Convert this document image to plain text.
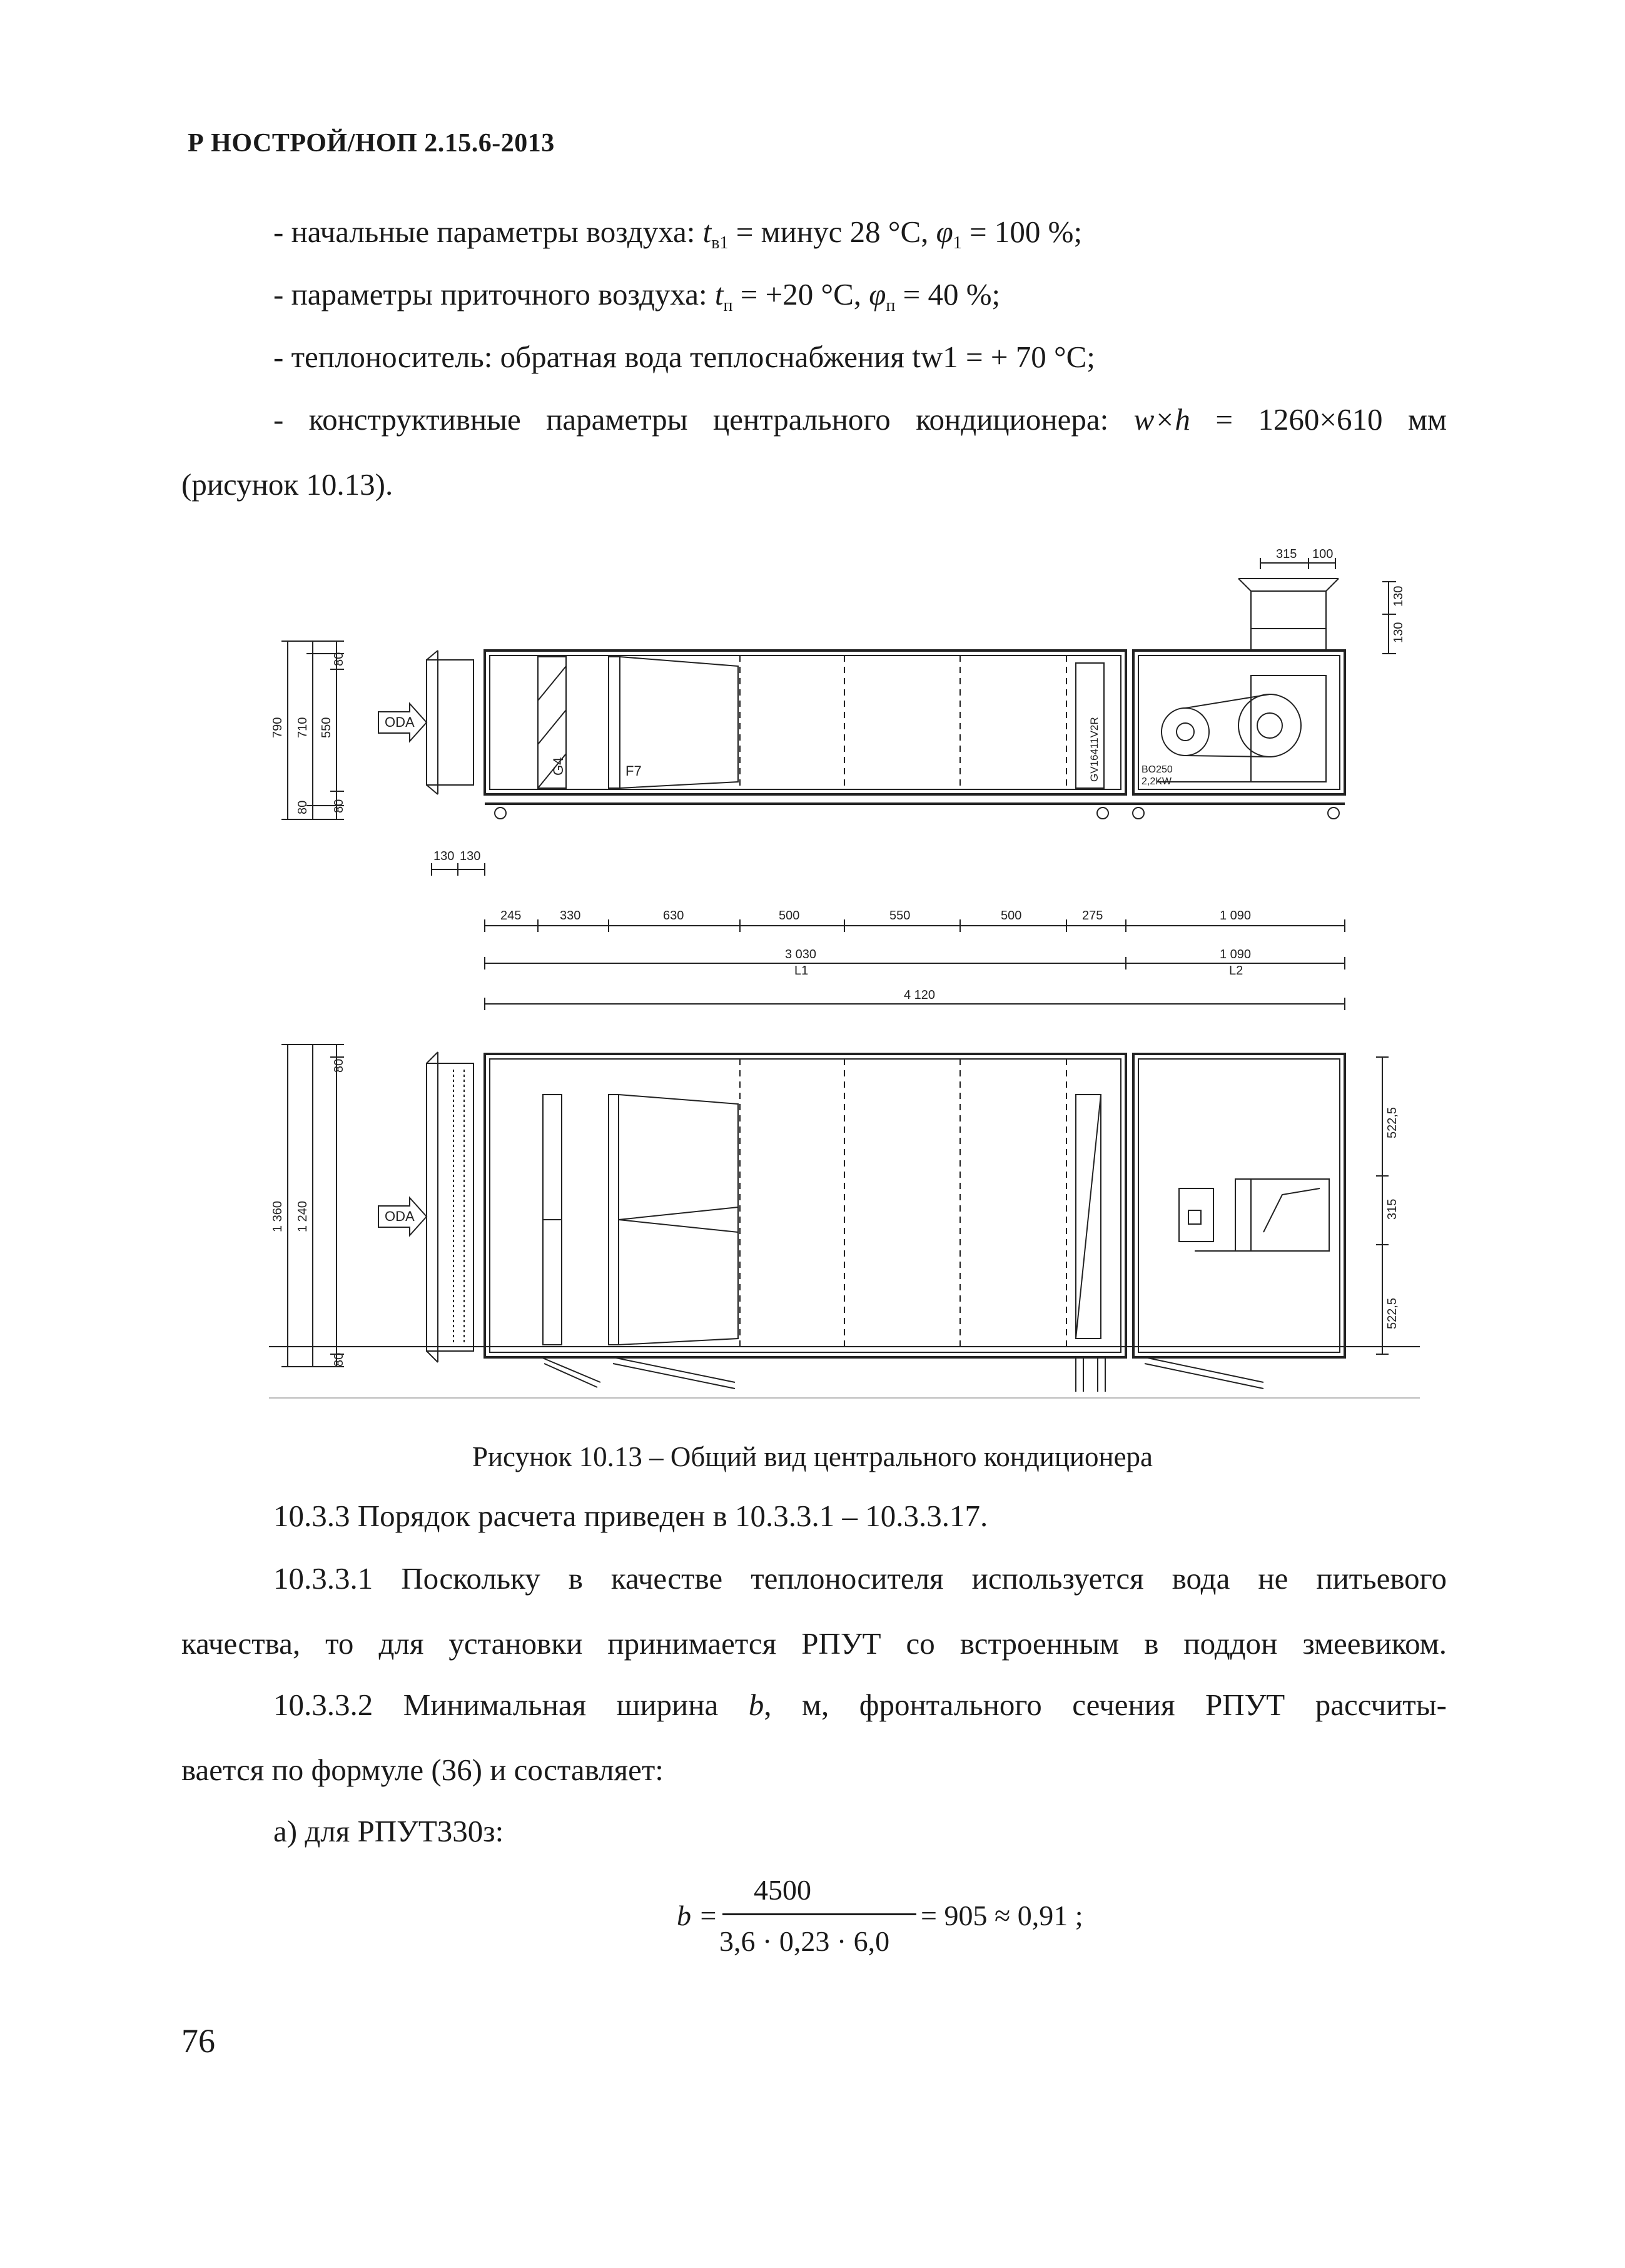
Р НОСТРОЙ/НОП 2.15.6-2013
- начальные параметры воздуха: $t_{в1}$ = минус 28 °С, $\varphi_1 = 100$ %;
- параметры приточного воздуха: $t_п = +20$ °С, $\varphi_п = 40$ %;
- теплоноситель: обратная вода теплоснабжения tw1 = + 70 °С;
- конструктивные параметры центрального кондиционера: w×h = 1260×610 мм
(рисунок 10.13).
315 100
130
130
790 710 550
80
80
80
ODA
G4	F7	GV16411V2R	BO250
2,2KW
130 130
245	330	630	500	550	500	275	1 090
3 030
L1
1 090
L2
4 120
80
1 360 1 240
80
522,5
315
522,5
ODA
Рисунок 10.13 – Общий вид центрального кондиционера
10.3.3 Порядок расчета приведен в 10.3.3.1 – 10.3.3.17.
10.3.3.1 Поскольку в качестве теплоносителя используется вода не питьевого
качества, то для установки принимается РПУТ со встроенным в поддон змеевиком.
10.3.3.2 Минимальная ширина b, м, фронтального сечения РПУТ рассчиты-
вается по формуле (36) и составляет:
а) для РПУТ330з:
b =
4500
3,6 · 0,23 · 6,0
= 905 ≈ 0,91 ;
76
